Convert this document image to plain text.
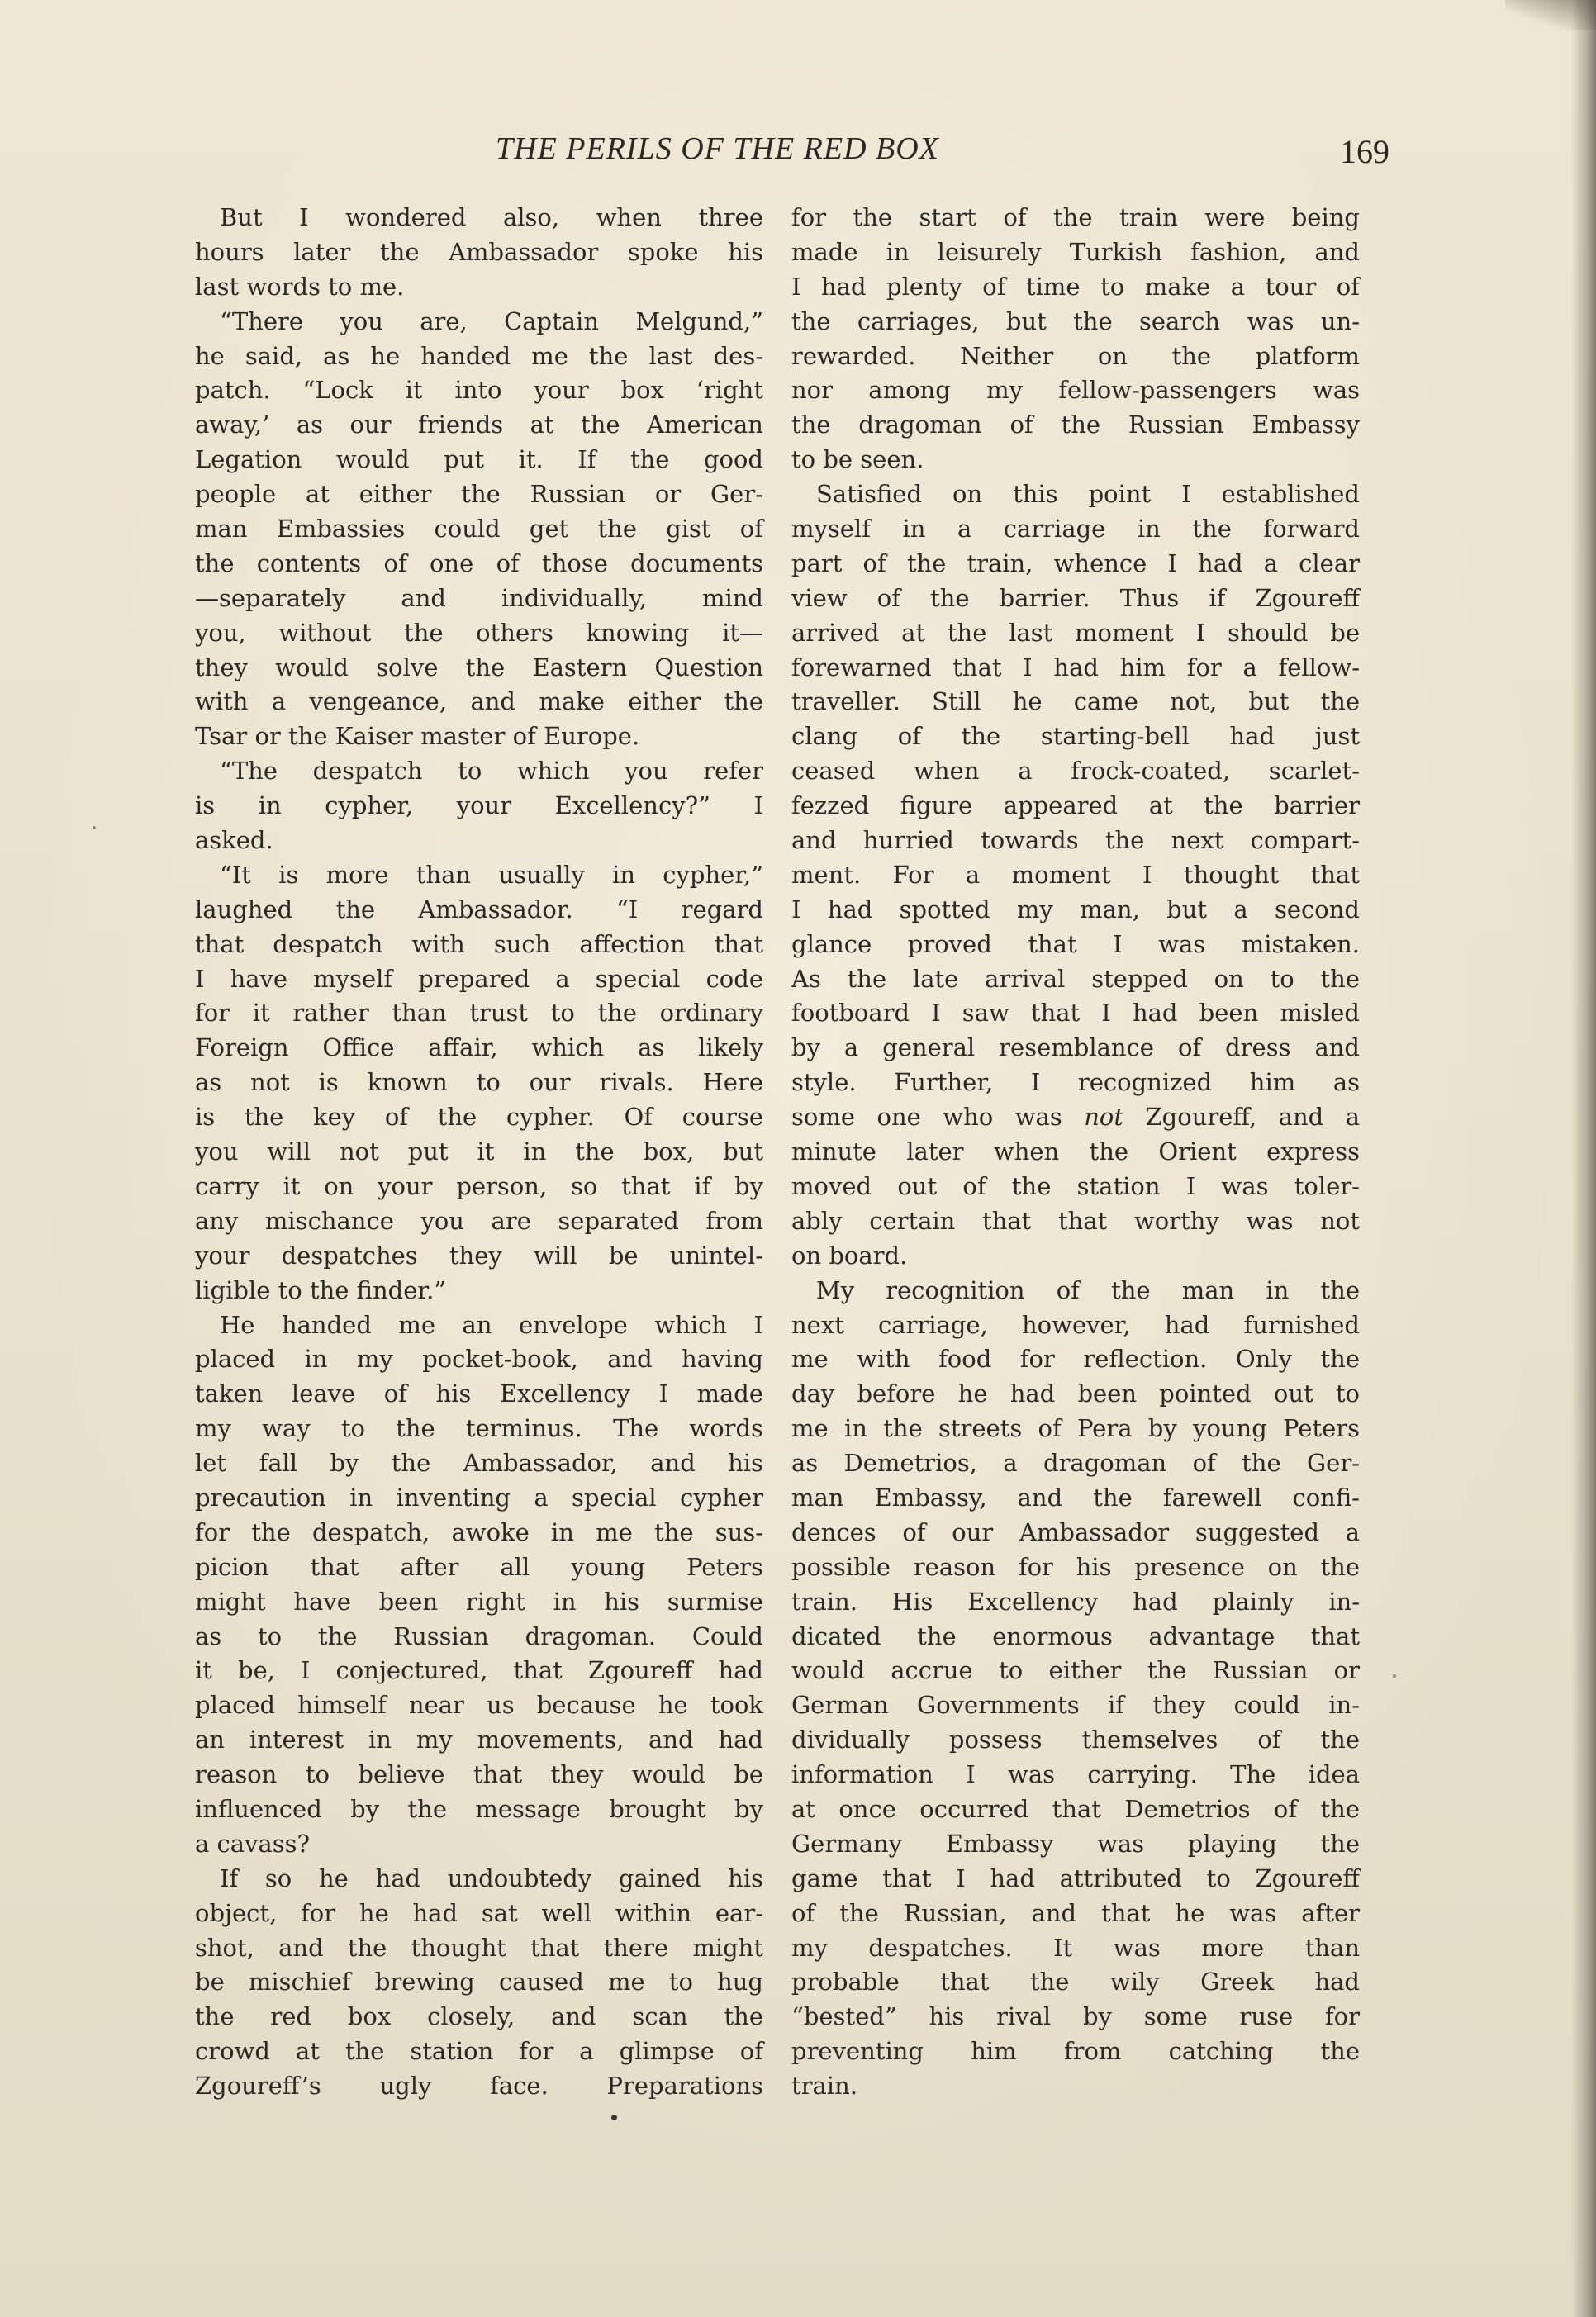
THE PERILS OF THE RED BOX	169
But I wondered also, when three
hours later the Ambassador spoke his
last words to me.
“There you are, Captain Melgund,”
he said, as he handed me the last des-
patch. “Lock it into your box ‘right
away,’ as our friends at the American
Legation would put it. If the good
people at either the Russian or Ger-
man Embassies could get the gist of
the contents of one of those documents
—separately and individually, mind
you, without the others knowing it—
they would solve the Eastern Question
with a vengeance, and make either the
Tsar or the Kaiser master of Europe.
“The despatch to which you refer
is in cypher, your Excellency?” I
asked.
“It is more than usually in cypher,”
laughed the Ambassador. “I regard
that despatch with such affection that
I have myself prepared a special code
for it rather than trust to the ordinary
Foreign Office affair, which as likely
as not is known to our rivals. Here
is the key of the cypher. Of course
you will not put it in the box, but
carry it on your person, so that if by
any mischance you are separated from
your despatches they will be unintel-
ligible to the finder.”
He handed me an envelope which I
placed in my pocket-book, and having
taken leave of his Excellency I made
my way to the terminus. The words
let fall by the Ambassador, and his
precaution in inventing a special cypher
for the despatch, awoke in me the sus-
picion that after all young Peters
might have been right in his surmise
as to the Russian dragoman. Could
it be, I conjectured, that Zgoureff had
placed himself near us because he took
an interest in my movements, and had
reason to believe that they would be
influenced by the message brought by
a cavass?
If so he had undoubtedy gained his
object, for he had sat well within ear-
shot, and the thought that there might
be mischief brewing caused me to hug
the red box closely, and scan the
crowd at the station for a glimpse of
Zgoureff’s ugly face. Preparations
for the start of the train were being
made in leisurely Turkish fashion, and
I had plenty of time to make a tour of
the carriages, but the search was un-
rewarded. Neither on the platform
nor among my fellow-passengers was
the dragoman of the Russian Embassy
to be seen.
Satisfied on this point I established
myself in a carriage in the forward
part of the train, whence I had a clear
view of the barrier. Thus if Zgoureff
arrived at the last moment I should be
forewarned that I had him for a fellow-
traveller. Still he came not, but the
clang of the starting-bell had just
ceased when a frock-coated, scarlet-
fezzed figure appeared at the barrier
and hurried towards the next compart-
ment. For a moment I thought that
I had spotted my man, but a second
glance proved that I was mistaken.
As the late arrival stepped on to the
footboard I saw that I had been misled
by a general resemblance of dress and
style. Further, I recognized him as
some one who was not Zgoureff, and a
minute later when the Orient express
moved out of the station I was toler-
ably certain that that worthy was not
on board.
My recognition of the man in the
next carriage, however, had furnished
me with food for reflection. Only the
day before he had been pointed out to
me in the streets of Pera by young Peters
as Demetrios, a dragoman of the Ger-
man Embassy, and the farewell confi-
dences of our Ambassador suggested a
possible reason for his presence on the
train. His Excellency had plainly in-
dicated the enormous advantage that
would accrue to either the Russian or
German Governments if they could in-
dividually possess themselves of the
information I was carrying. The idea
at once occurred that Demetrios of the
Germany Embassy was playing the
game that I had attributed to Zgoureff
of the Russian, and that he was after
my despatches. It was more than
probable that the wily Greek had
“bested” his rival by some ruse for
preventing him from catching the
train.
